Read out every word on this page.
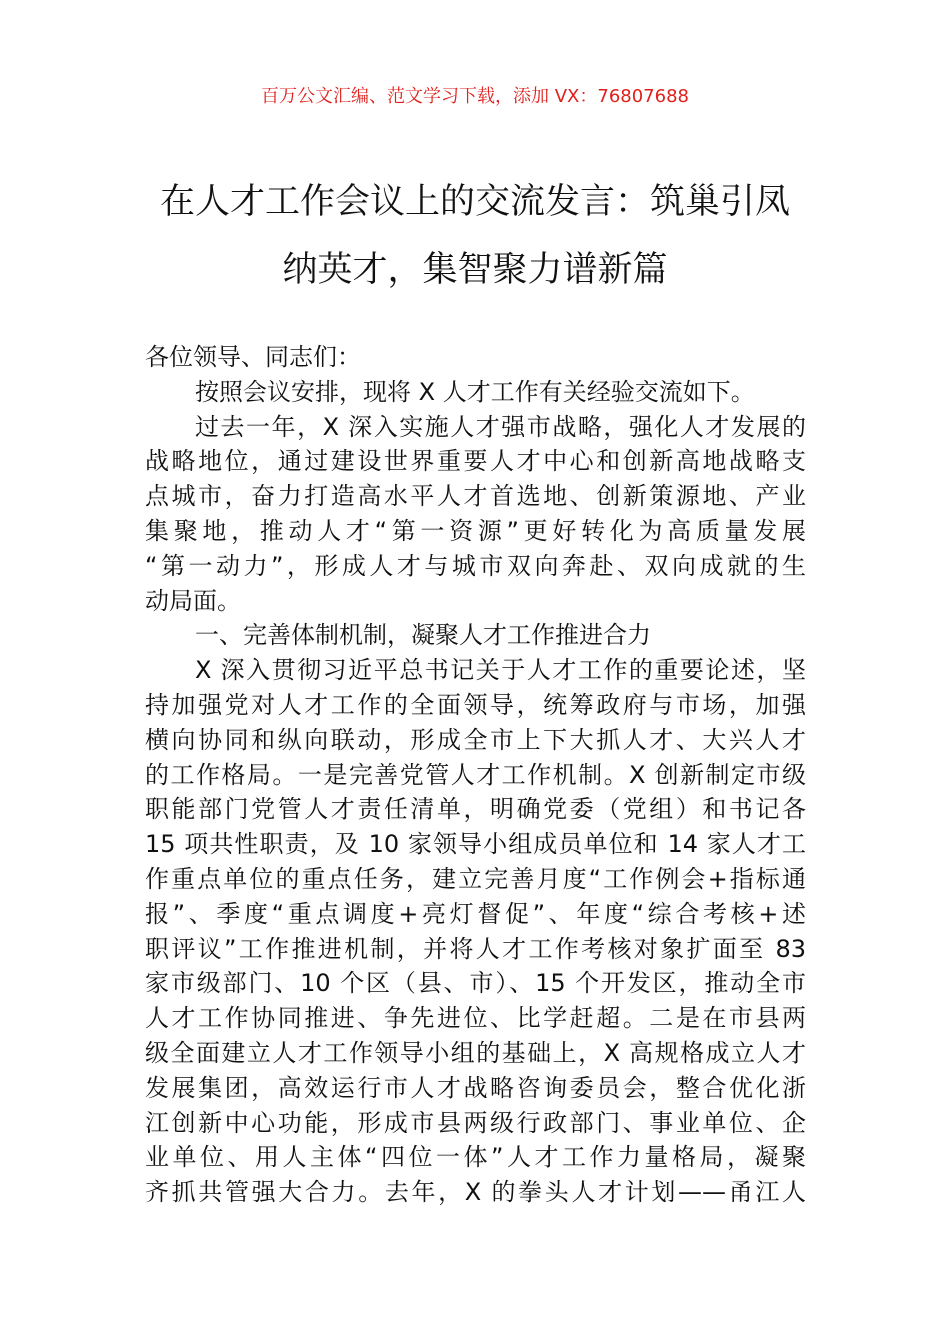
百万公文汇编、范文学习下载，添加 VX：76807688
在人才工作会议上的交流发言：筑巢引凤
纳英才，集智聚力谱新篇
各位领导、同志们：
按照会议安排，现将 X 人才工作有关经验交流如下。
过去一年，X 深入实施人才强市战略，强化人才发展的
战略地位，通过建设世界重要人才中心和创新高地战略支
点城市，奋力打造高水平人才首选地、创新策源地、产业
集聚地，推动人才“第一资源”更好转化为高质量发展
“第一动力”，形成人才与城市双向奔赴、双向成就的生
动局面。
一、完善体制机制，凝聚人才工作推进合力
X 深入贯彻习近平总书记关于人才工作的重要论述，坚
持加强党对人才工作的全面领导，统筹政府与市场，加强
横向协同和纵向联动，形成全市上下大抓人才、大兴人才
的工作格局。一是完善党管人才工作机制。X 创新制定市级
职能部门党管人才责任清单，明确党委（党组）和书记各
15 项共性职责，及 10 家领导小组成员单位和 14 家人才工
作重点单位的重点任务，建立完善月度“工作例会+指标通
报”、季度“重点调度+亮灯督促”、年度“综合考核+述
职评议”工作推进机制，并将人才工作考核对象扩面至 83
家市级部门、10 个区（县、市）、15 个开发区，推动全市
人才工作协同推进、争先进位、比学赶超。二是在市县两
级全面建立人才工作领导小组的基础上，X 高规格成立人才
发展集团，高效运行市人才战略咨询委员会，整合优化浙
江创新中心功能，形成市县两级行政部门、事业单位、企
业单位、用人主体“四位一体”人才工作力量格局，凝聚
齐抓共管强大合力。去年，X 的拳头人才计划——甬江人
